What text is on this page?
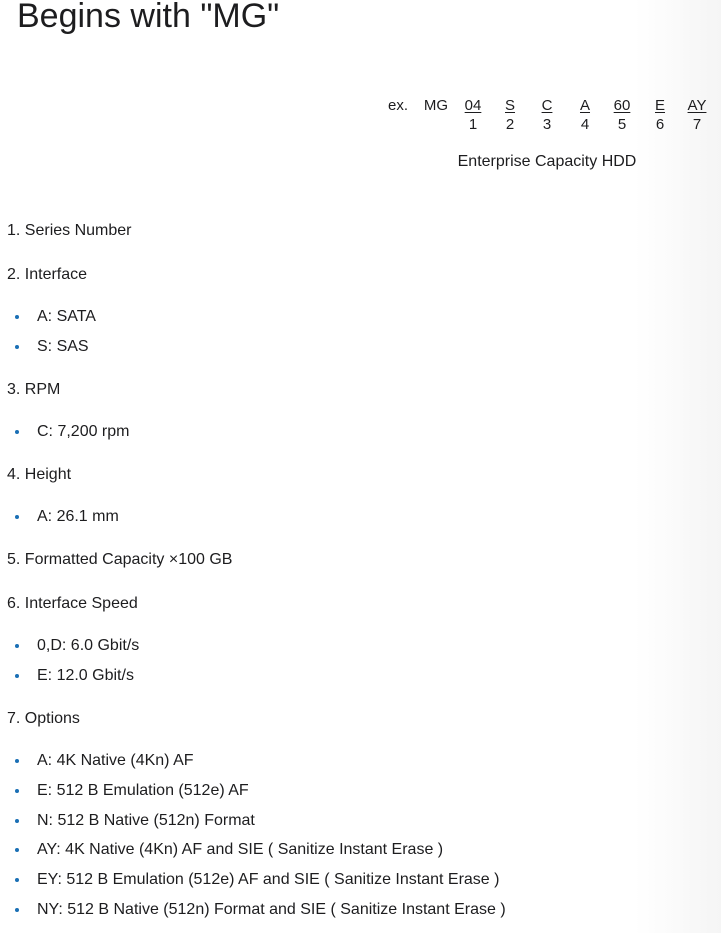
Begins with "MG"
ex. MG 04
1
S
2
C
3
A
4
60
5
E
6
AY
7
Enterprise Capacity HDD
1. Series Number
2. Interface
A: SATA
S: SAS
3. RPM
C: 7,200 rpm
4. Height
A: 26.1 mm
5. Formatted Capacity ×100 GB
6. Interface Speed
0,D: 6.0 Gbit/s
E: 12.0 Gbit/s
7. Options
A: 4K Native (4Kn) AF
E: 512 B Emulation (512e) AF
N: 512 B Native (512n) Format
AY: 4K Native (4Kn) AF and SIE ( Sanitize Instant Erase )
EY: 512 B Emulation (512e) AF and SIE ( Sanitize Instant Erase )
NY: 512 B Native (512n) Format and SIE ( Sanitize Instant Erase )
